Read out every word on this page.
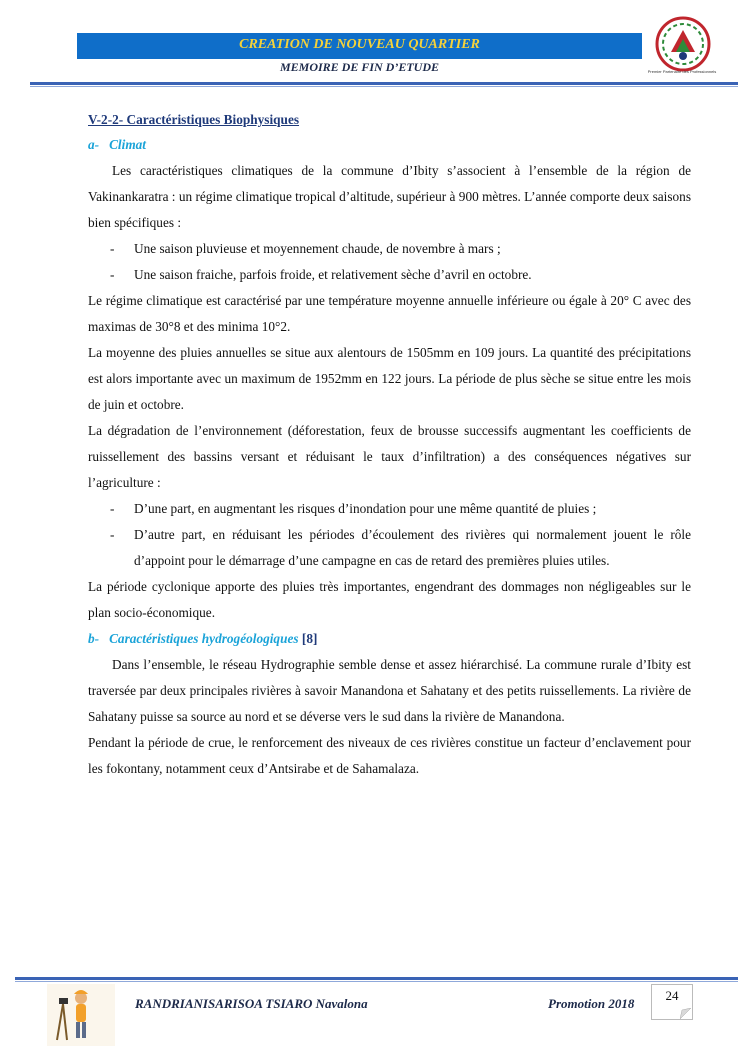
CREATION DE NOUVEAU QUARTIER
MEMOIRE DE FIN D’ETUDE	Premier Partenaire des Professionnels

V-2-2- Caractéristiques Biophysiques

a- Climat

Les caractéristiques climatiques de la commune d’Ibity s’associent à l’ensemble de la région de Vakinankaratra : un régime climatique tropical d’altitude, supérieur à 900 mètres. L’année comporte deux saisons bien spécifiques :

-	Une saison pluvieuse et moyennement chaude, de novembre à mars ;
-	Une saison fraiche, parfois froide, et relativement sèche d’avril en octobre.

Le régime climatique est caractérisé par une température moyenne annuelle inférieure ou égale à 20° C avec des maximas de 30°8 et des minima 10°2.

La moyenne des pluies annuelles se situe aux alentours de 1505mm en 109 jours. La quantité des précipitations est alors importante avec un maximum de 1952mm en 122 jours. La période de plus sèche se situe entre les mois de juin et octobre.

La dégradation de l’environnement (déforestation, feux de brousse successifs augmentant les coefficients de ruissellement des bassins versant et réduisant le taux d’infiltration) a des conséquences négatives sur l’agriculture :

-	D’une part, en augmentant les risques d’inondation pour une même quantité de pluies ;
-	D’autre part, en réduisant les périodes d’écoulement des rivières qui normalement jouent le rôle d’appoint pour le démarrage d’une campagne en cas de retard des premières pluies utiles.

La période cyclonique apporte des pluies très importantes, engendrant des dommages non négligeables sur le plan socio-économique.

b- Caractéristiques hydrogéologiques [8]

Dans l’ensemble, le réseau Hydrographie semble dense et assez hiérarchisé. La commune rurale d’Ibity est traversée par deux principales rivières à savoir Manandona et Sahatany et des petits ruissellements. La rivière de Sahatany puisse sa source au nord et se déverse vers le sud dans la rivière de Manandona.

Pendant la période de crue, le renforcement des niveaux de ces rivières constitue un facteur d’enclavement pour les fokontany, notamment ceux d’Antsirabe et de Sahamalaza.

RANDRIANISARISOA TSIARO Navalona	Promotion 2018
24
